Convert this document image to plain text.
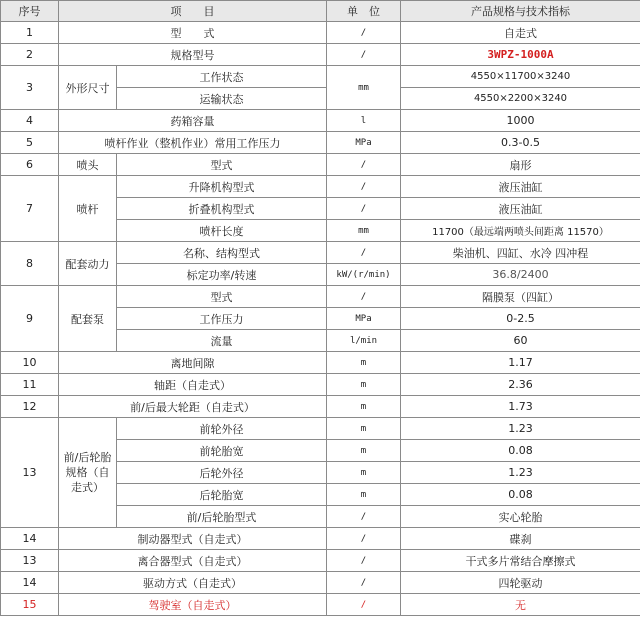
序号	项　　目		单　位	产品规格与技术指标
1	型　　式		/	自走式
2	规格型号		/	3WPZ-1000A
3	外形尺寸	工作状态	mm	4550×11700×3240
		运输状态		4550×2200×3240
4	药箱容量		l	1000
5	喷杆作业（整机作业）常用工作压力		MPa	0.3-0.5
6	喷头	型式	/	扇形
7	喷杆	升降机构型式	/	液压油缸
		折叠机构型式	/	液压油缸
		喷杆长度	mm	11700（最远端两喷头间距离 11570）
8	配套动力	名称、结构型式	/	柴油机、四缸、水冷 四冲程
		标定功率/转速	kW/(r/min)	36.8/2400
9	配套泵	型式	/	隔膜泵（四缸）
		工作压力	MPa	0-2.5
		流量	l/min	60
10	离地间隙		m	1.17
11	轴距（自走式）		m	2.36
12	前/后最大轮距（自走式）		m	1.73
13	前/后轮胎规格（自走式）	前轮外径	m	1.23
		前轮胎宽	m	0.08
		后轮外径	m	1.23
		后轮胎宽	m	0.08
		前/后轮胎型式	/	实心轮胎
14	制动器型式（自走式）		/	碟刹
13	离合器型式（自走式）		/	干式多片常结合摩擦式
14	驱动方式（自走式）		/	四轮驱动
15	驾驶室（自走式）		/	无
